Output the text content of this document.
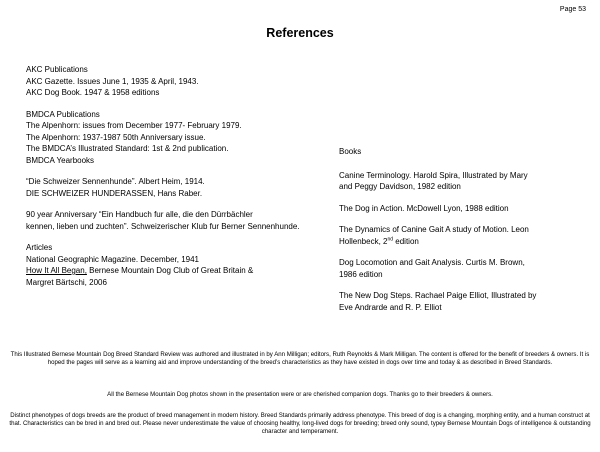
Page 53
References
AKC Publications
AKC Gazette. Issues June 1, 1935 & April, 1943.
AKC Dog Book. 1947 & 1958 editions
BMDCA Publications
The Alpenhorn: issues from December 1977- February 1979.
The Alpenhorn: 1937-1987 50th Anniversary issue.
The BMDCA’s Illustrated Standard: 1st & 2nd publication.
BMDCA Yearbooks
“Die Schweizer Sennenhunde”. Albert Heim, 1914.
DIE SCHWEIZER HUNDERASSEN, Hans Raber.
90 year Anniversary “Ein Handbuch fur alle, die den Dürrbächler
kennen, lieben und zuchten”. Schweizerischer Klub fur Berner Sennenhunde.
Articles
National Geographic Magazine. December, 1941
How It All Began, Bernese Mountain Dog Club of Great Britain &
Margret Bärtschi, 2006
Books
Canine Terminology. Harold Spira, Illustrated by Mary and Peggy Davidson, 1982 edition
The Dog in Action. McDowell Lyon, 1988 edition
The Dynamics of Canine Gait A study of Motion. Leon Hollenbeck, 2nd edition
Dog Locomotion and Gait Analysis. Curtis M. Brown, 1986 edition
The New Dog Steps. Rachael Paige Elliot, Illustrated by Eve Andrarde and R. P. Elliot
This Illustrated Bernese Mountain Dog Breed Standard Review was authored and illustrated in by Ann Milligan; editors, Ruth Reynolds & Mark Milligan. The content is offered for the benefit of breeders & owners. It is hoped the pages will serve as a learning aid and improve understanding of the breed’s characteristics as they have existed in dogs over time and today & as described in Breed Standards.
All the Bernese Mountain Dog photos shown in the presentation were or are cherished companion dogs. Thanks go to their breeders & owners.
Distinct phenotypes of dogs breeds are the product of breed management in modern history. Breed Standards primarily address phenotype. This breed of dog is a changing, morphing entity, and a human construct at that. Characteristics can be bred in and bred out. Please never underestimate the value of choosing healthy, long-lived dogs for breeding; breed only sound, typey Bernese Mountain Dogs of intelligence & outstanding character and temperament.
